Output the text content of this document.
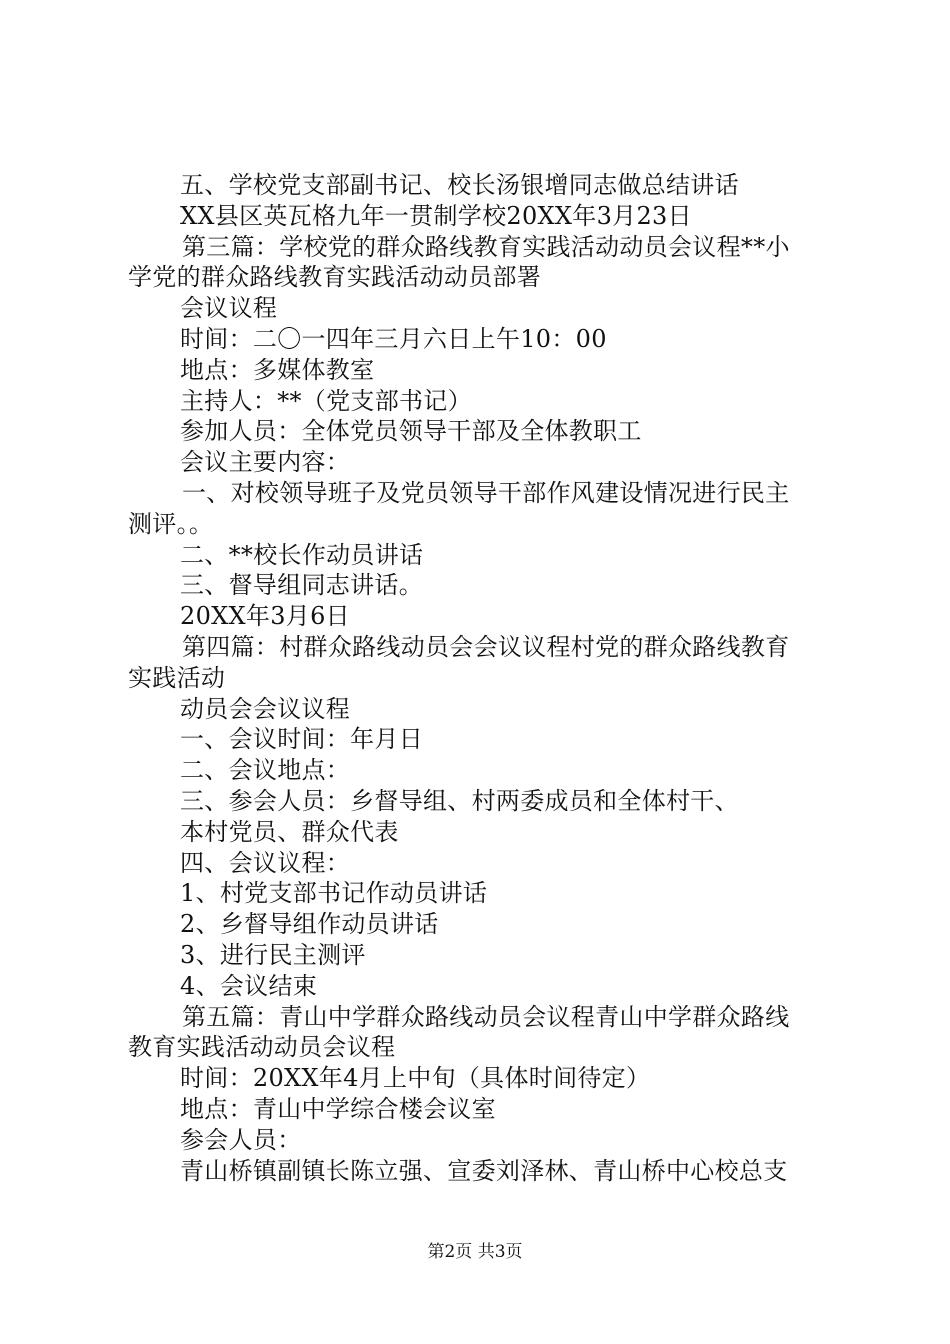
五、学校党支部副书记、校长汤银增同志做总结讲话
XX县区英瓦格九年一贯制学校20XX年3月23日
第三篇：学校党的群众路线教育实践活动动员会议程**小
学党的群众路线教育实践活动动员部署
会议议程
时间：二〇一四年三月六日上午10：00
地点：多媒体教室
主持人：**（党支部书记）
参加人员：全体党员领导干部及全体教职工
会议主要内容：
一、对校领导班子及党员领导干部作风建设情况进行民主
测评。。
二、**校长作动员讲话
三、督导组同志讲话。
20XX年3月6日
第四篇：村群众路线动员会会议议程村党的群众路线教育
实践活动
动员会会议议程
一、会议时间：年月日
二、会议地点：
三、参会人员：乡督导组、村两委成员和全体村干、
本村党员、群众代表
四、会议议程：
1、村党支部书记作动员讲话
2、乡督导组作动员讲话
3、进行民主测评
4、会议结束
第五篇：青山中学群众路线动员会议程青山中学群众路线
教育实践活动动员会议程
时间：20XX年4月上中旬（具体时间待定）
地点：青山中学综合楼会议室
参会人员：
青山桥镇副镇长陈立强、宣委刘泽林、青山桥中心校总支
第2页 共3页
